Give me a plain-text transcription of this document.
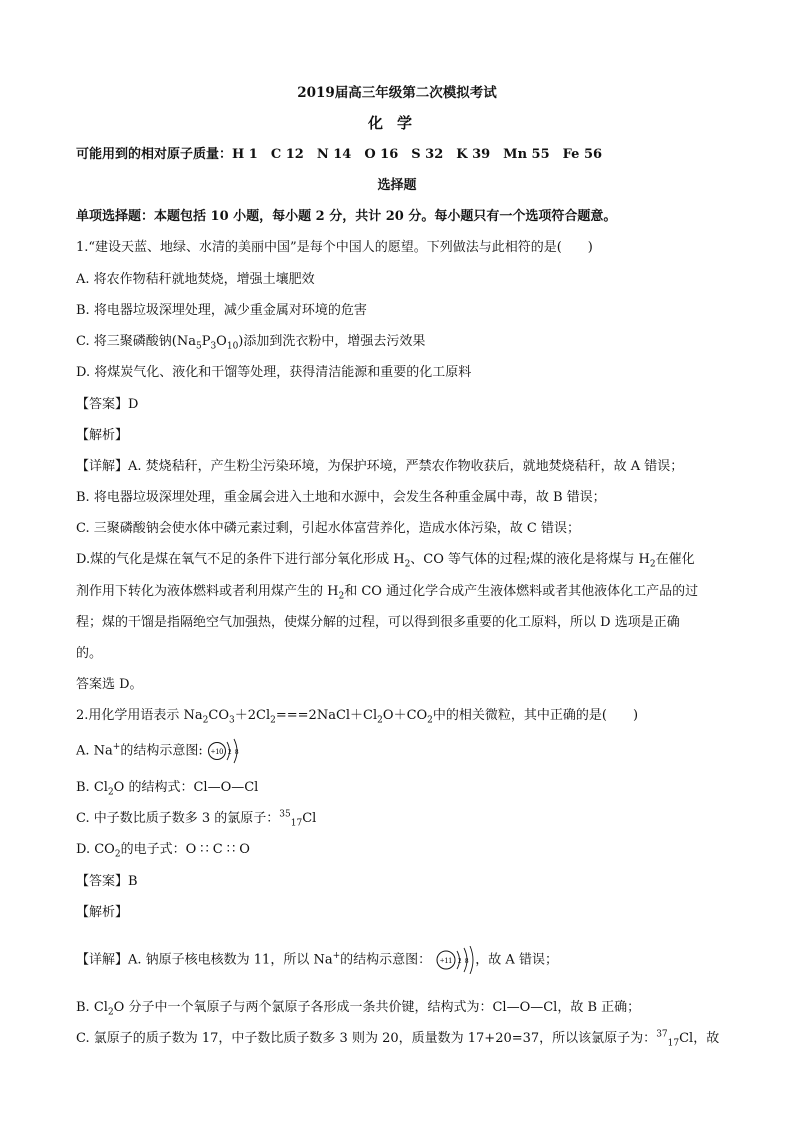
2019届高三年级第二次模拟考试
化学
可能用到的相对原子质量：H 1　C 12　N 14　O 16　S 32　K 39　Mn 55　Fe 56
选择题
单项选择题：本题包括 10 小题，每小题 2 分，共计 20 分。每小题只有一个选项符合题意。
1.“建设天蓝、地绿、水清的美丽中国”是每个中国人的愿望。下列做法与此相符的是(　　)
A. 将农作物秸秆就地焚烧，增强土壤肥效
B. 将电器垃圾深埋处理，减少重金属对环境的危害
C. 将三聚磷酸钠$(Na_5P_3O_{10})$添加到洗衣粉中，增强去污效果
D. 将煤炭气化、液化和干馏等处理，获得清洁能源和重要的化工原料
【答案】D
【解析】
【详解】A. 焚烧秸秆，产生粉尘污染环境，为保护环境，严禁农作物收获后，就地焚烧秸秆，故 A 错误；
B. 将电器垃圾深埋处理，重金属会进入土地和水源中，会发生各种重金属中毒，故 B 错误；
C. 三聚磷酸钠会使水体中磷元素过剩，引起水体富营养化，造成水体污染，故 C 错误；
D.煤的气化是煤在氧气不足的条件下进行部分氧化形成 $H_2$、CO 等气体的过程;煤的液化是将煤与 $H_2$在催化
剂作用下转化为液体燃料或者利用煤产生的 $H_2$和 CO 通过化学合成产生液体燃料或者其他液体化工产品的过
程；煤的干馏是指隔绝空气加强热，使煤分解的过程，可以得到很多重要的化工原料，所以 D 选项是正确
的。
答案选 D。
2.用化学用语表示 $Na_2CO_3+2Cl_2===2NaCl+Cl_2O+CO_2$中的相关微粒，其中正确的是(　　)
A. Na+的结构示意图: +10 2 8
B. $Cl_2O$ 的结构式：Cl—O—Cl
C. 中子数比质子数多 3 的氯原子：$^{35}_{17}$Cl
D. $CO_2$的电子式：O ∷ C ∷ O
【答案】B
【解析】
【详解】A. 钠原子核电核数为 11，所以 Na+的结构示意图： +11 2 8 ，故 A 错误；
B. $Cl_2O$ 分子中一个氧原子与两个氯原子各形成一条共价键，结构式为：Cl—O—Cl，故 B 正确；
C. 氯原子的质子数为 17，中子数比质子数多 3 则为 20，质量数为 17+20=37，所以该氯原子为：$^{37}_{17}$Cl，故
